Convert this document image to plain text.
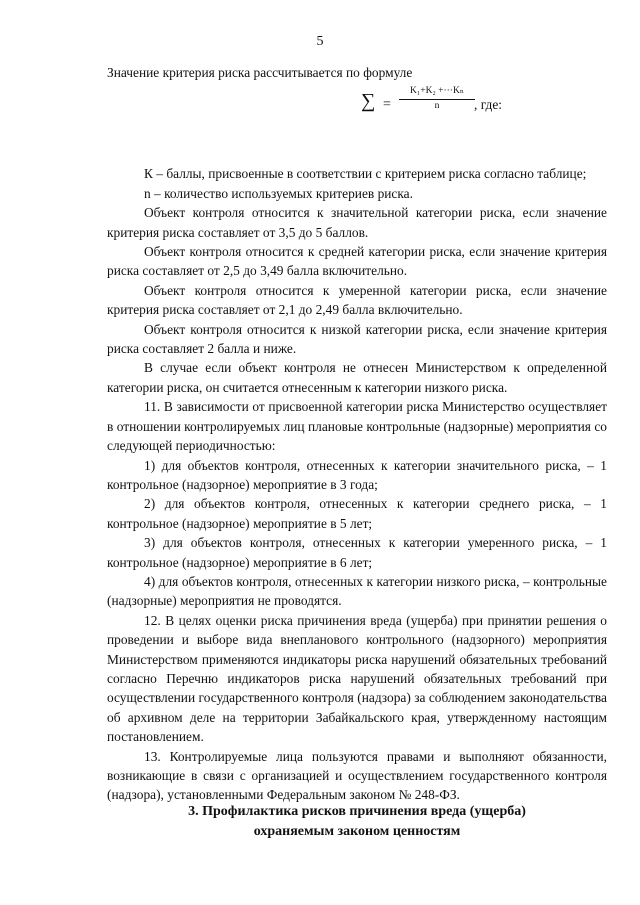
5

Значение критерия риска рассчитывается по формуле

∑ = $\frac{\text{K₁+K₂ +···Kₙ}}{n}$ , где:

К – баллы, присвоенные в соответствии с критерием риска согласно таблице;

n – количество используемых критериев риска.

Объект контроля относится к значительной категории риска, если значение критерия риска составляет от 3,5 до 5 баллов.

Объект контроля относится к средней категории риска, если значение критерия риска составляет от 2,5 до 3,49 балла включительно.

Объект контроля относится к умеренной категории риска, если значение критерия риска составляет от 2,1 до 2,49 балла включительно.

Объект контроля относится к низкой категории риска, если значение критерия риска составляет 2 балла и ниже.

В случае если объект контроля не отнесен Министерством к определенной категории риска, он считается отнесенным к категории низкого риска.

11. В зависимости от присвоенной категории риска Министерство осуществляет в отношении контролируемых лиц плановые контрольные (надзорные) мероприятия со следующей периодичностью:

1) для объектов контроля, отнесенных к категории значительного риска, – 1 контрольное (надзорное) мероприятие в 3 года;

2) для объектов контроля, отнесенных к категории среднего риска, – 1 контрольное (надзорное) мероприятие в 5 лет;

3) для объектов контроля, отнесенных к категории умеренного риска, – 1 контрольное (надзорное) мероприятие в 6 лет;

4) для объектов контроля, отнесенных к категории низкого риска, – контрольные (надзорные) мероприятия не проводятся.

12. В целях оценки риска причинения вреда (ущерба) при принятии решения о проведении и выборе вида внепланового контрольного (надзорного) мероприятия Министерством применяются индикаторы риска нарушений обязательных требований согласно Перечню индикаторов риска нарушений обязательных требований при осуществлении государственного контроля (надзора) за соблюдением законодательства об архивном деле на территории Забайкальского края, утвержденному настоящим постановлением.

13. Контролируемые лица пользуются правами и выполняют обязанности, возникающие в связи с организацией и осуществлением государственного контроля (надзора), установленными Федеральным законом № 248-ФЗ.

3. Профилактика рисков причинения вреда (ущерба)
охраняемым законом ценностям
